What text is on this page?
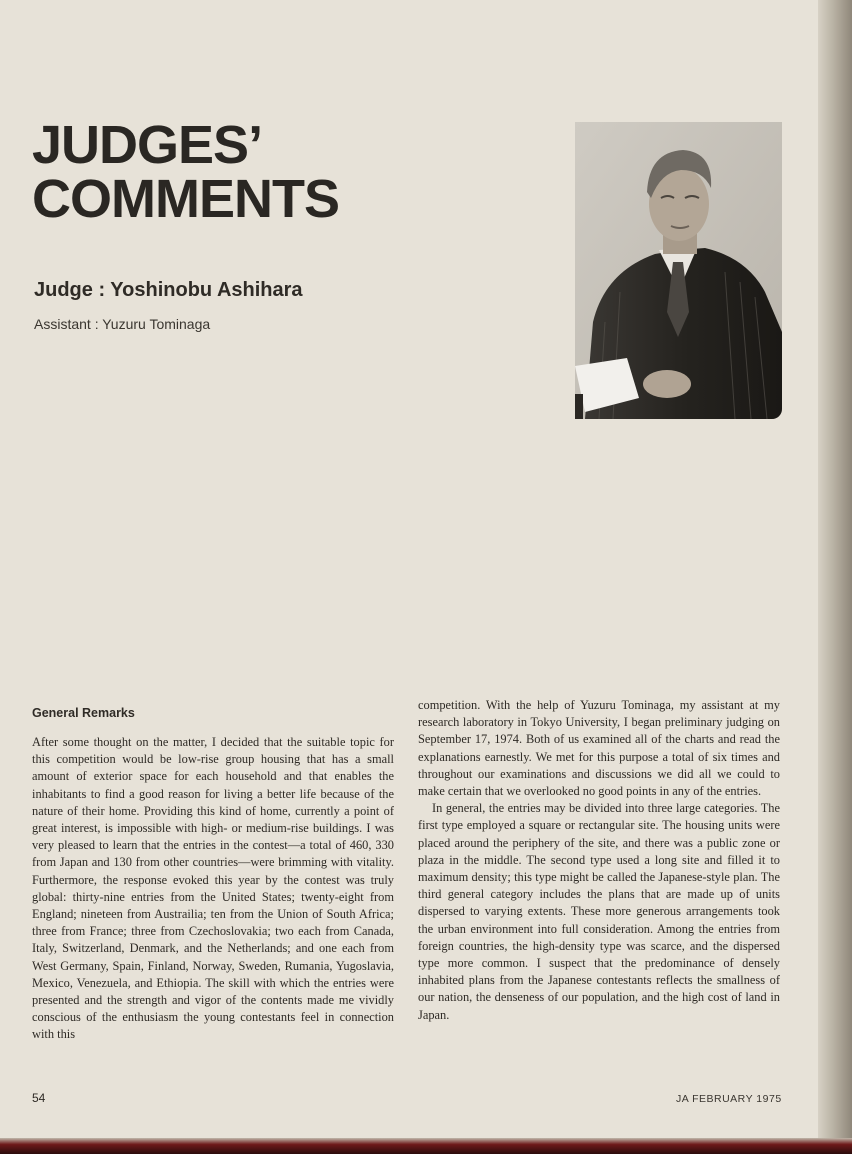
JUDGES’
COMMENTS
Judge : Yoshinobu Ashihara
Assistant : Yuzuru Tominaga
General Remarks

After some thought on the matter, I decided that the suitable topic for this competition would be low-rise group housing that has a small amount of exterior space for each household and that enables the inhabitants to find a good reason for living a better life because of the nature of their home. Providing this kind of home, currently a point of great interest, is impossible with high- or medium-rise buildings. I was very pleased to learn that the entries in the contest—a total of 460, 330 from Japan and 130 from other countries—were brimming with vitality. Furthermore, the response evoked this year by the contest was truly global: thirty-nine entries from the United States; twenty-eight from England; nineteen from Austrailia; ten from the Union of South Africa; three from France; three from Czechoslovakia; two each from Canada, Italy, Switzerland, Denmark, and the Netherlands; and one each from West Germany, Spain, Finland, Norway, Sweden, Rumania, Yugoslavia, Mexico, Venezuela, and Ethiopia. The skill with which the entries were presented and the strength and vigor of the contents made me vividly conscious of the enthusiasm the young contestants feel in connection with this

competition. With the help of Yuzuru Tominaga, my assistant at my research laboratory in Tokyo University, I began preliminary judging on September 17, 1974. Both of us examined all of the charts and read the explanations earnestly. We met for this purpose a total of six times and throughout our examinations and discussions we did all we could to make certain that we overlooked no good points in any of the entries.

In general, the entries may be divided into three large categories. The first type employed a square or rectangular site. The housing units were placed around the periphery of the site, and there was a public zone or plaza in the middle. The second type used a long site and filled it to maximum density; this type might be called the Japanese-style plan. The third general category includes the plans that are made up of units dispersed to varying extents. These more generous arrangements took the urban environment into full consideration. Among the entries from foreign countries, the high-density type was scarce, and the dispersed type more common. I suspect that the predominance of densely inhabited plans from the Japanese contestants reflects the smallness of our nation, the denseness of our population, and the high cost of land in Japan.

54	JA FEBRUARY 1975
